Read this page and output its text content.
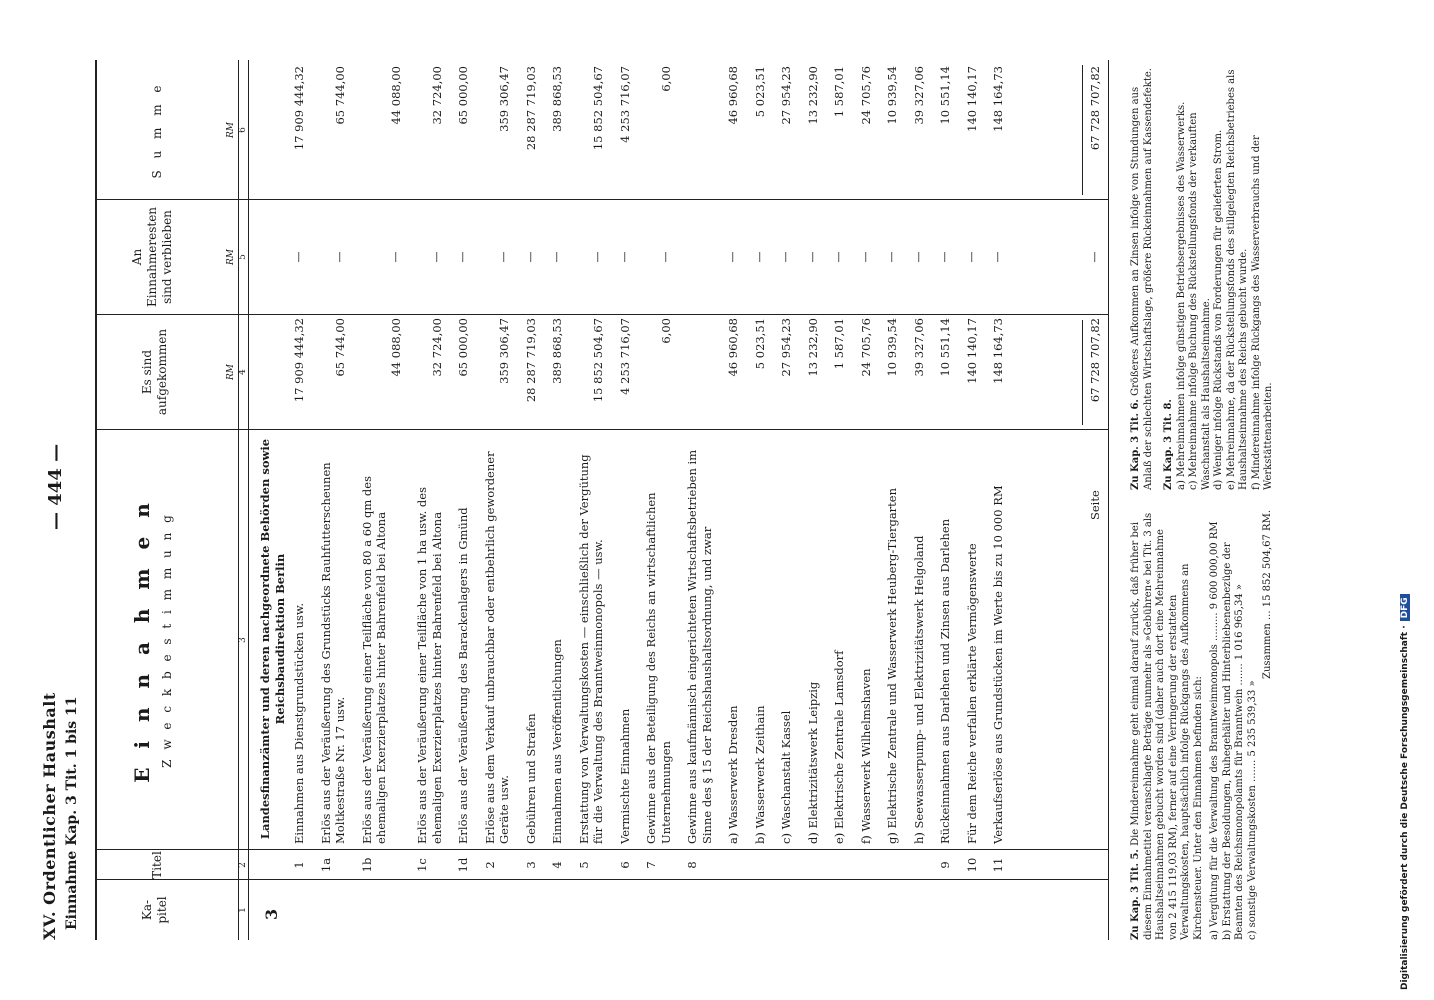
XV. Ordentlicher Haushalt Einnahme Kap. 3 Tit. 1 bis 11
— 444 —
Ka-
pitel
Titel
E i n n a h m e n Z w e c k b e s t i m m u n g
Es sind
aufgekommen
An
Einnahmeresten
sind verblieben
S u m m e
RM
RM
RM
1
2
3
4
5
6
3
Landesfinanzämter und deren nachgeordnete Behörden sowie Reichsbaudirektion Berlin
Seite
67 728 707,82
—
67 728 707,82
Zu Kap. 3 Tit. 5. Die Mindereinnahme geht einmal darauf zurück, daß früher bei diesem Einnahmetitel veranschlagte Beträge nunmehr als »Gebühren« bei Tit. 3 als Haushaltseinnahmen gebucht worden sind (daher auch dort eine Mehreinnahme von 2 415 119,03 RM), ferner auf eine Verringerung der erstatteten Verwaltungskosten, hauptsächlich infolge Rückgangs des Aufkommens an Kirchensteuer. Unter den Einnahmen befinden sich: a) Vergütung für die Verwaltung des Branntweinmonopols ......... 9 600 000,00 RM b) Erstattung der Besoldungen, Ruhegehälter und Hinterbliebenenbezüge der Beamten des Reichsmonopolamts für Branntwein ....... 1 016 965,34 » c) sonstige Verwaltungskosten ....... 5 235 539,33 »
Zusammen ... 15 852 504,67 RM.
Zu Kap. 3 Tit. 6. Größeres Aufkommen an Zinsen infolge von Stundungen aus Anlaß der schlechten Wirtschaftslage, größere Rückeinnahmen auf Kassendefekte. Zu Kap. 3 Tit. 8. a) Mehreinnahmen infolge günstigen Betriebsergebnisses des Wasserwerks. c) Mehreinnahme infolge Buchung des Rückstellungsfonds der verkauften Waschanstalt als Haushaltseinnahme. d) Weniger infolge Rückstands von Forderungen für gelieferten Strom. e) Mehreinnahme, da der Rückstellungsfonds des stillgelegten Reichsbetriebes als Haushaltseinnahme des Reichs gebucht wurde. f) Mindereinnahme infolge Rückgangs des Wasserverbrauchs und der Werkstättenarbeiten.
Digitalisierung gefördert durch die Deutsche Forschungsgemeinschaft ·DFG
1
Einnahmen aus Dienstgrundstücken usw.
17 909 444,32
—
17 909 444,32
1a
Erlös aus der Veräußerung des Grundstücks Rauhfutterscheunen Moltkestraße Nr. 17 usw.
65 744,00
—
65 744,00
1b
Erlös aus der Veräußerung einer Teilfläche von 80 a 60 qm des ehemaligen Exerzierplatzes hinter Bahrenfeld bei Altona
44 088,00
—
44 088,00
1c
Erlös aus der Veräußerung einer Teilfläche von 1 ha usw. des ehemaligen Exerzierplatzes hinter Bahrenfeld bei Altona
32 724,00
—
32 724,00
1d
Erlös aus der Veräußerung des Barackenlagers in Gmünd
65 000,00
—
65 000,00
2
Erlöse aus dem Verkauf unbrauchbar oder entbehrlich gewordener Geräte usw.
359 306,47
—
359 306,47
3
Gebühren und Strafen
28 287 719,03
—
28 287 719,03
4
Einnahmen aus Veröffentlichungen
389 868,53
—
389 868,53
5
Erstattung von Verwaltungskosten — einschließlich der Vergütung für die Verwaltung des Branntweinmonopols — usw.
15 852 504,67
—
15 852 504,67
6
Vermischte Einnahmen
4 253 716,07
—
4 253 716,07
7
Gewinne aus der Beteiligung des Reichs an wirtschaftlichen Unternehmungen
6,00
—
6,00
8
Gewinne aus kaufmännisch eingerichteten Wirtschaftsbetrieben im Sinne des § 15 der Reichshaushaltsordnung, und zwar a) Wasserwerk Dresden
46 960,68
—
46 960,68
b) Wasserwerk Zeithain
5 023,51
—
5 023,51
c) Waschanstalt Kassel
27 954,23
—
27 954,23
d) Elektrizitätswerk Leipzig
13 232,90
—
13 232,90
e) Elektrische Zentrale Lamsdorf
1 587,01
—
1 587,01
f) Wasserwerk Wilhelmshaven
24 705,76
—
24 705,76
g) Elektrische Zentrale und Wasserwerk Heuberg-Tiergarten
10 939,54
—
10 939,54
h) Seewasserpump- und Elektrizitätswerk Helgoland
39 327,06
—
39 327,06
9
Rückeinnahmen aus Darlehen und Zinsen aus Darlehen
10 551,14
—
10 551,14
10
Für dem Reiche verfallen erklärte Vermögenswerte
140 140,17
—
140 140,17
11
Verkaufserlöse aus Grundstücken im Werte bis zu 10 000 RM
148 164,73
—
148 164,73
